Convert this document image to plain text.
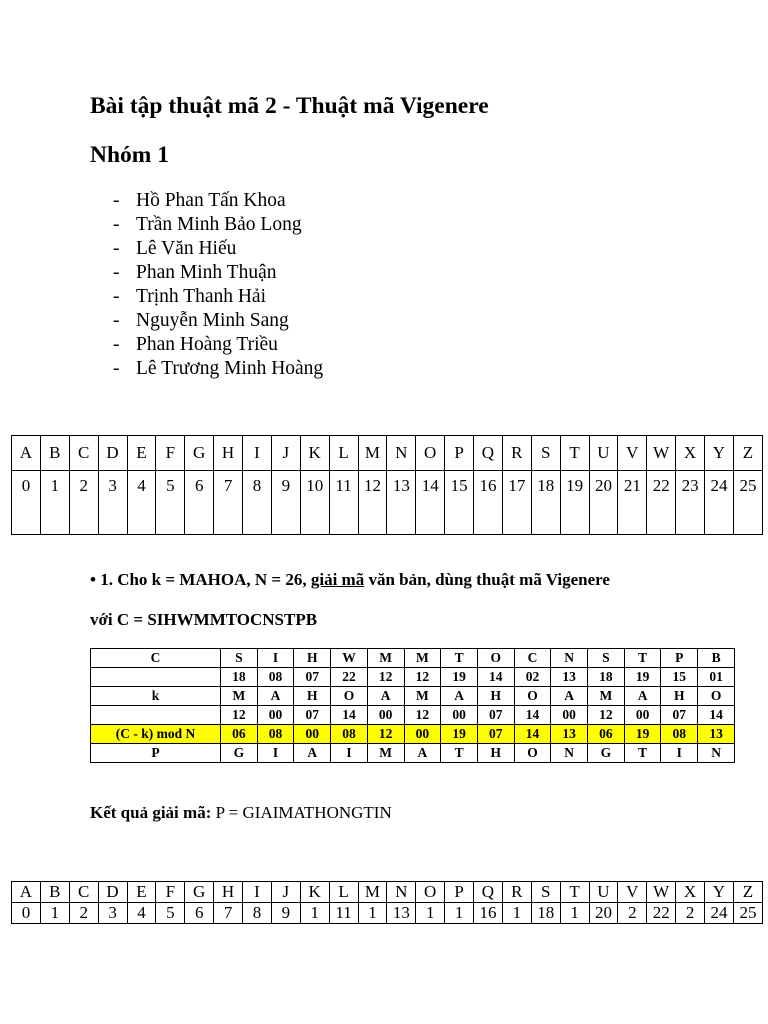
Bài tập thuật mã 2 - Thuật mã Vigenere
Nhóm 1
- Hồ Phan Tấn Khoa
- Trần Minh Bảo Long
- Lê Văn Hiếu
- Phan Minh Thuận
- Trịnh Thanh Hải
- Nguyễn Minh Sang
- Phan Hoàng Triều
- Lê Trương Minh Hoàng
A	B	C	D	E	F	G	H	I	J	K	L	M	N	O	P	Q	R	S	T	U	V	W	X	Y	Z
0	1	2	3	4	5	6	7	8	9	10	11	12	13	14	15	16	17	18	19	20	21	22	23	24	25

• 1. Cho k = MAHOA, N = 26, giải mã văn bản, dùng thuật mã Vigenere

với C = SIHWMMTOCNSTPB

C	S	I	H	W	M	M	T	O	C	N	S	T	P	B
	18	08	07	22	12	12	19	14	02	13	18	19	15	01
k	M	A	H	O	A	M	A	H	O	A	M	A	H	O
	12	00	07	14	00	12	00	07	14	00	12	00	07	14
(C - k) mod N	06	08	00	08	12	00	19	07	14	13	06	19	08	13
P	G	I	A	I	M	A	T	H	O	N	G	T	I	N

Kết quả giải mã: P = GIAIMATHONGTIN

A	B	C	D	E	F	G	H	I	J	K	L	M	N	O	P	Q	R	S	T	U	V	W	X	Y	Z
0	1	2	3	4	5	6	7	8	9	1	11	1	13	1	1	16	1	18	1	20	2	22	2	24	25
